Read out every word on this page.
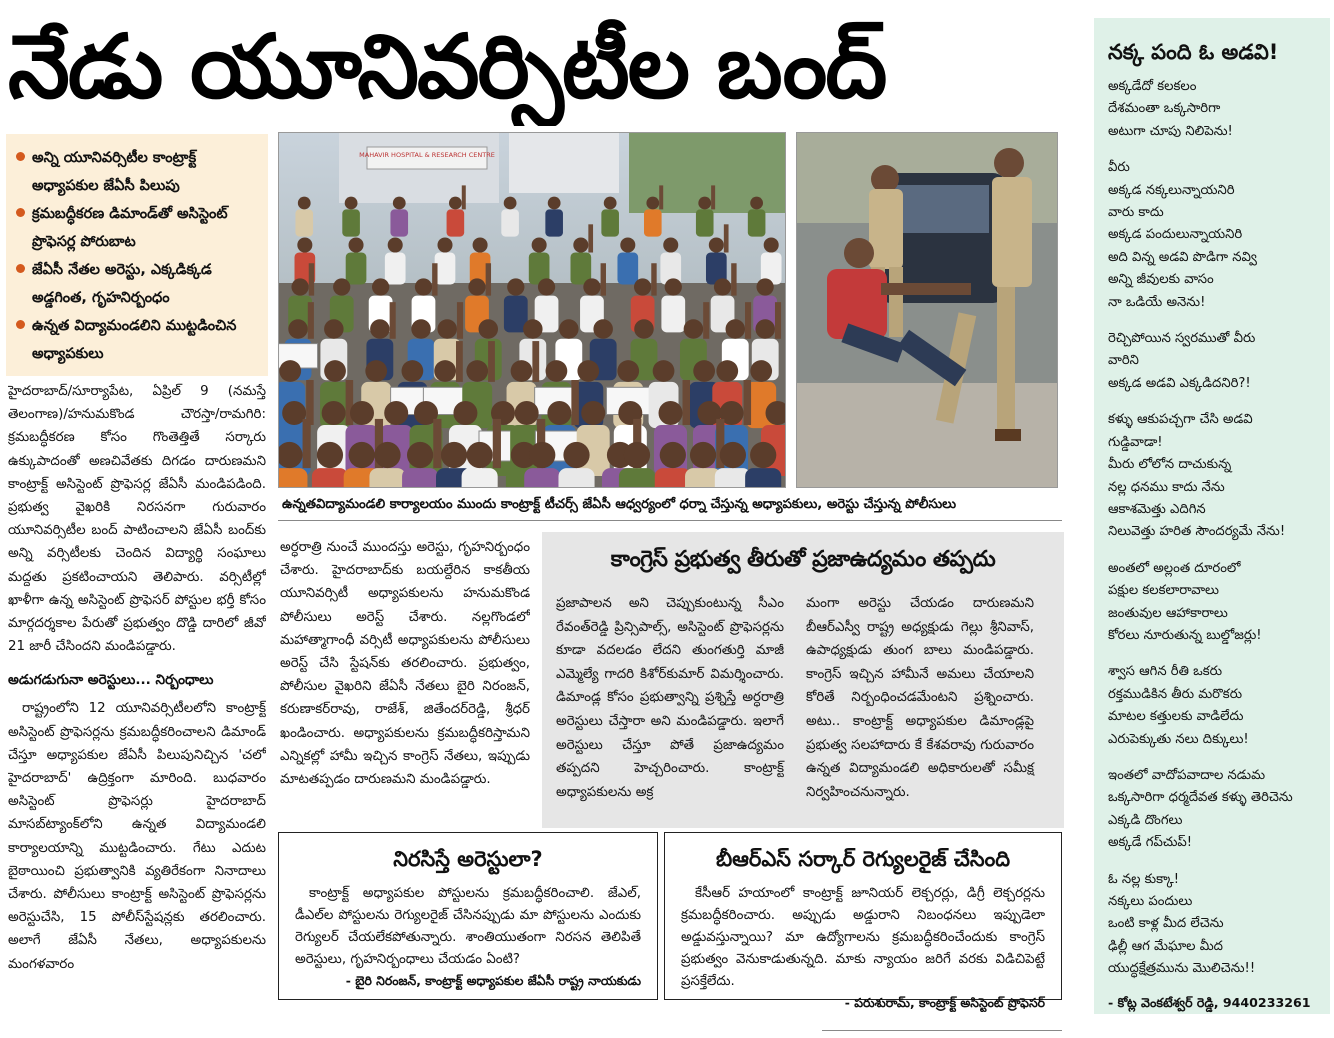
నేడు యూనివర్సిటీల బంద్
అన్ని యూనివర్సిటీల కాంట్రాక్ట్ అధ్యాపకుల జేఏసీ పిలుపు
క్రమబద్ధీకరణ డిమాండ్‌తో అసిస్టెంట్ ప్రొఫెసర్ల పోరుబాట
జేఏసీ నేతల అరెస్టు, ఎక్కడిక్కడ అడ్డగింత, గృహనిర్బంధం
ఉన్నత విద్యామండలిని ముట్టడించిన అధ్యాపకులు

హైదరాబాద్/సూర్యాపేట, ఏప్రిల్ 9 (నమస్తే తెలంగాణ)/హనుమకొండ చౌరస్తా/రామగిరి: క్రమబద్ధీకరణ కోసం గొంతెత్తితే సర్కారు ఉక్కుపాదంతో అణచివేతకు దిగడం దారుణమని కాంట్రాక్ట్ అసిస్టెంట్ ప్రొఫెసర్ల జేఏసీ మండిపడింది. ప్రభుత్వ వైఖరికి నిరసనగా గురువారం యూనివర్సిటీల బంద్ పాటించాలని జేఏసీ బంద్‌కు అన్ని వర్సిటీలకు చెందిన విద్యార్థి సంఘాలు మద్దతు ప్రకటించాయని తెలిపారు. వర్సిటీల్లో ఖాళీగా ఉన్న అసిస్టెంట్ ప్రొఫెసర్ పోస్టుల భర్తీ కోసం మార్గదర్శకాల పేరుతో ప్రభుత్వం దొడ్డి దారిలో జీవో 21 జారీ చేసిందని మండిపడ్డారు.

అడుగడుగునా అరెస్టులు... నిర్బంధాలు

రాష్ట్రంలోని 12 యూనివర్సిటీలలోని కాంట్రాక్ట్ అసిస్టెంట్ ప్రొఫెసర్లను క్రమబద్ధీకరించాలని డిమాండ్ చేస్తూ అధ్యాపకుల జేఏసీ పిలుపునిచ్చిన 'చలో హైదరాబాద్' ఉద్రిక్తంగా మారింది. బుధవారం అసిస్టెంట్ ప్రొఫెసర్లు హైదరాబాద్ మాసబ్‌ట్యాంక్‌లోని ఉన్నత విద్యామండలి కార్యాలయాన్ని ముట్టడించారు. గేటు ఎదుట బైఠాయించి ప్రభుత్వానికి వ్యతిరేకంగా నినాదాలు చేశారు. పోలీసులు కాంట్రాక్ట్ అసిస్టెంట్ ప్రొఫెసర్లను అరెస్టుచేసి, 15 పోలీస్‌స్టేషన్లకు తరలించారు. అలాగే జేఏసీ నేతలు, అధ్యాపకులను మంగళవారం

MAHAVIR HOSPITAL & RESEARCH CENTRE
ఉన్నతవిద్యామండలి కార్యాలయం ముందు కాంట్రాక్ట్ టీచర్స్ జేఏసీ ఆధ్వర్యంలో ధర్నా చేస్తున్న అధ్యాపకులు, అరెస్టు చేస్తున్న పోలీసులు

అర్ధరాత్రి నుంచే ముందస్తు అరెస్టు, గృహనిర్బంధం చేశారు. హైదరాబాద్‌కు బయల్దేరిన కాకతీయ యూనివర్సిటీ అధ్యాపకులను హనుమకొండ పోలీసులు అరెస్ట్ చేశారు. నల్లగొండలో మహాత్మాగాంధీ వర్సిటీ అధ్యాపకులను పోలీసులు అరెస్ట్ చేసి స్టేషన్‌కు తరలించారు. ప్రభుత్వం, పోలీసుల వైఖరిని జేఏసీ నేతలు బైరి నిరంజన్, కరుణాకర్‌రావు, రాజేశ్, జితేందర్‌రెడ్డి, శ్రీధర్ ఖండించారు. అధ్యాపకులను క్రమబద్ధీకరిస్తామని ఎన్నికల్లో హామీ ఇచ్చిన కాంగ్రెస్ నేతలు, ఇప్పుడు మాటతప్పడం దారుణమని మండిపడ్డారు.

కాంగ్రెస్ ప్రభుత్వ తీరుతో ప్రజాఉద్యమం తప్పదు

ప్రజాపాలన అని చెప్పుకుంటున్న సీఎం రేవంత్‌రెడ్డి ప్రిన్సిపాల్స్, అసిస్టెంట్ ప్రొఫెసర్లను కూడా వదలడం లేదని తుంగతుర్తి మాజీ ఎమ్మెల్యే గాదరి కిశోర్‌కుమార్ విమర్శించారు. డిమాండ్ల కోసం ప్రభుత్వాన్ని ప్రశ్నిస్తే అర్ధరాత్రి అరెస్టులు చేస్తారా అని మండిపడ్డారు. ఇలాగే అరెస్టులు చేస్తూ పోతే ప్రజాఉద్యమం తప్పదని హెచ్చరించారు. కాంట్రాక్ట్ అధ్యాపకులను అక్ర

మంగా అరెస్టు చేయడం దారుణమని బీఆర్‌ఎస్వీ రాష్ట్ర అధ్యక్షుడు గెల్లు శ్రీనివాస్, ఉపాధ్యక్షుడు తుంగ బాలు మండిపడ్డారు. కాంగ్రెస్ ఇచ్చిన హామీనే అమలు చేయాలని కోరితే నిర్బంధించడమేంటని ప్రశ్నించారు. అటు.. కాంట్రాక్ట్ అధ్యాపకుల డిమాండ్లపై ప్రభుత్వ సలహాదారు కే కేశవరావు గురువారం ఉన్నత విద్యామండలి అధికారులతో సమీక్ష నిర్వహించనున్నారు.

నిరసిస్తే అరెస్టులా?

కాంట్రాక్ట్ అధ్యాపకుల పోస్టులను క్రమబద్ధీకరించాలి. జేఎల్, డీఎల్‌ల పోస్టులను రెగ్యులరైజ్ చేసినప్పుడు మా పోస్టులను ఎందుకు రెగ్యులర్ చేయలేకపోతున్నారు. శాంతియుతంగా నిరసన తెలిపితే అరెస్టులు, గృహనిర్బంధాలు చేయడం ఏంటి?

- బైరి నిరంజన్, కాంట్రాక్ట్ అధ్యాపకుల జేఏసీ రాష్ట్ర నాయకుడు

బీఆర్‌ఎస్ సర్కార్ రెగ్యులరైజ్ చేసింది

కేసీఆర్ హయాంలో కాంట్రాక్ట్ జూనియర్ లెక్చరర్లు, డిగ్రీ లెక్చరర్లను క్రమబద్ధీకరించారు. అప్పుడు అడ్డురాని నిబంధనలు ఇప్పుడెలా అడ్డువస్తున్నాయి? మా ఉద్యోగాలను క్రమబద్ధీకరించేందుకు కాంగ్రెస్ ప్రభుత్వం వెనుకాడుతున్నది. మాకు న్యాయం జరిగే వరకు విడిచిపెట్టే ప్రసక్తేలేదు.

- పరుశురామ్, కాంట్రాక్ట్ అసిస్టెంట్ ప్రొఫెసర్

నక్క పంది ఓ అడవి!
అక్కడేదో కలకలం
దేశమంతా ఒక్కసారిగా
అటుగా చూపు నిలిపెను!
వీరు
అక్కడ నక్కలున్నాయనిరి
వారు కాదు
అక్కడ పందులున్నాయనిరి
అది విన్న అడవి పొడిగా నవ్వి
అన్ని జీవులకు వాసం
నా ఒడియే అనెను!
రెచ్చిపోయిన స్వరముతో వీరు
వారిని
అక్కడ అడవి ఎక్కడిదనిరి?!
కళ్ళు ఆకుపచ్చగా చేసి అడవి
గుడ్డివాడా!
మీరు లోలోన దాచుకున్న
నల్ల ధనము కాదు నేను
ఆకాశమెత్తు ఎదిగిన
నిలువెత్తు హరిత సౌందర్యమే నేను!
అంతలో అల్లంత దూరంలో
పక్షుల కలకలారావాలు
జంతువుల ఆహాకారాలు
కోరలు నూరుతున్న బుల్డోజర్లు!
శ్వాస ఆగిన రీతి ఒకరు
రక్తముడికిన తీరు మరొకరు
మాటల కత్తులకు వాడిలేదు
ఎరుపెక్కుతు నలు దిక్కులు!
ఇంతలో వాదోపవాదాల నడుమ
ఒక్కసారిగా ధర్మదేవత కళ్ళు తెరిచెను
ఎక్కడి దొంగలు
అక్కడే గప్‌చుప్!
ఓ నల్ల కుక్కా!
నక్కలు పందులు
ఒంటి కాళ్ల మీద లేచెను
ఢిల్లీ ఆగ మేఘాల మీద
యుద్ధక్షేత్రమును మొలిచెను!!
- కోట్ల వెంకటేశ్వర్ రెడ్డి, 9440233261
